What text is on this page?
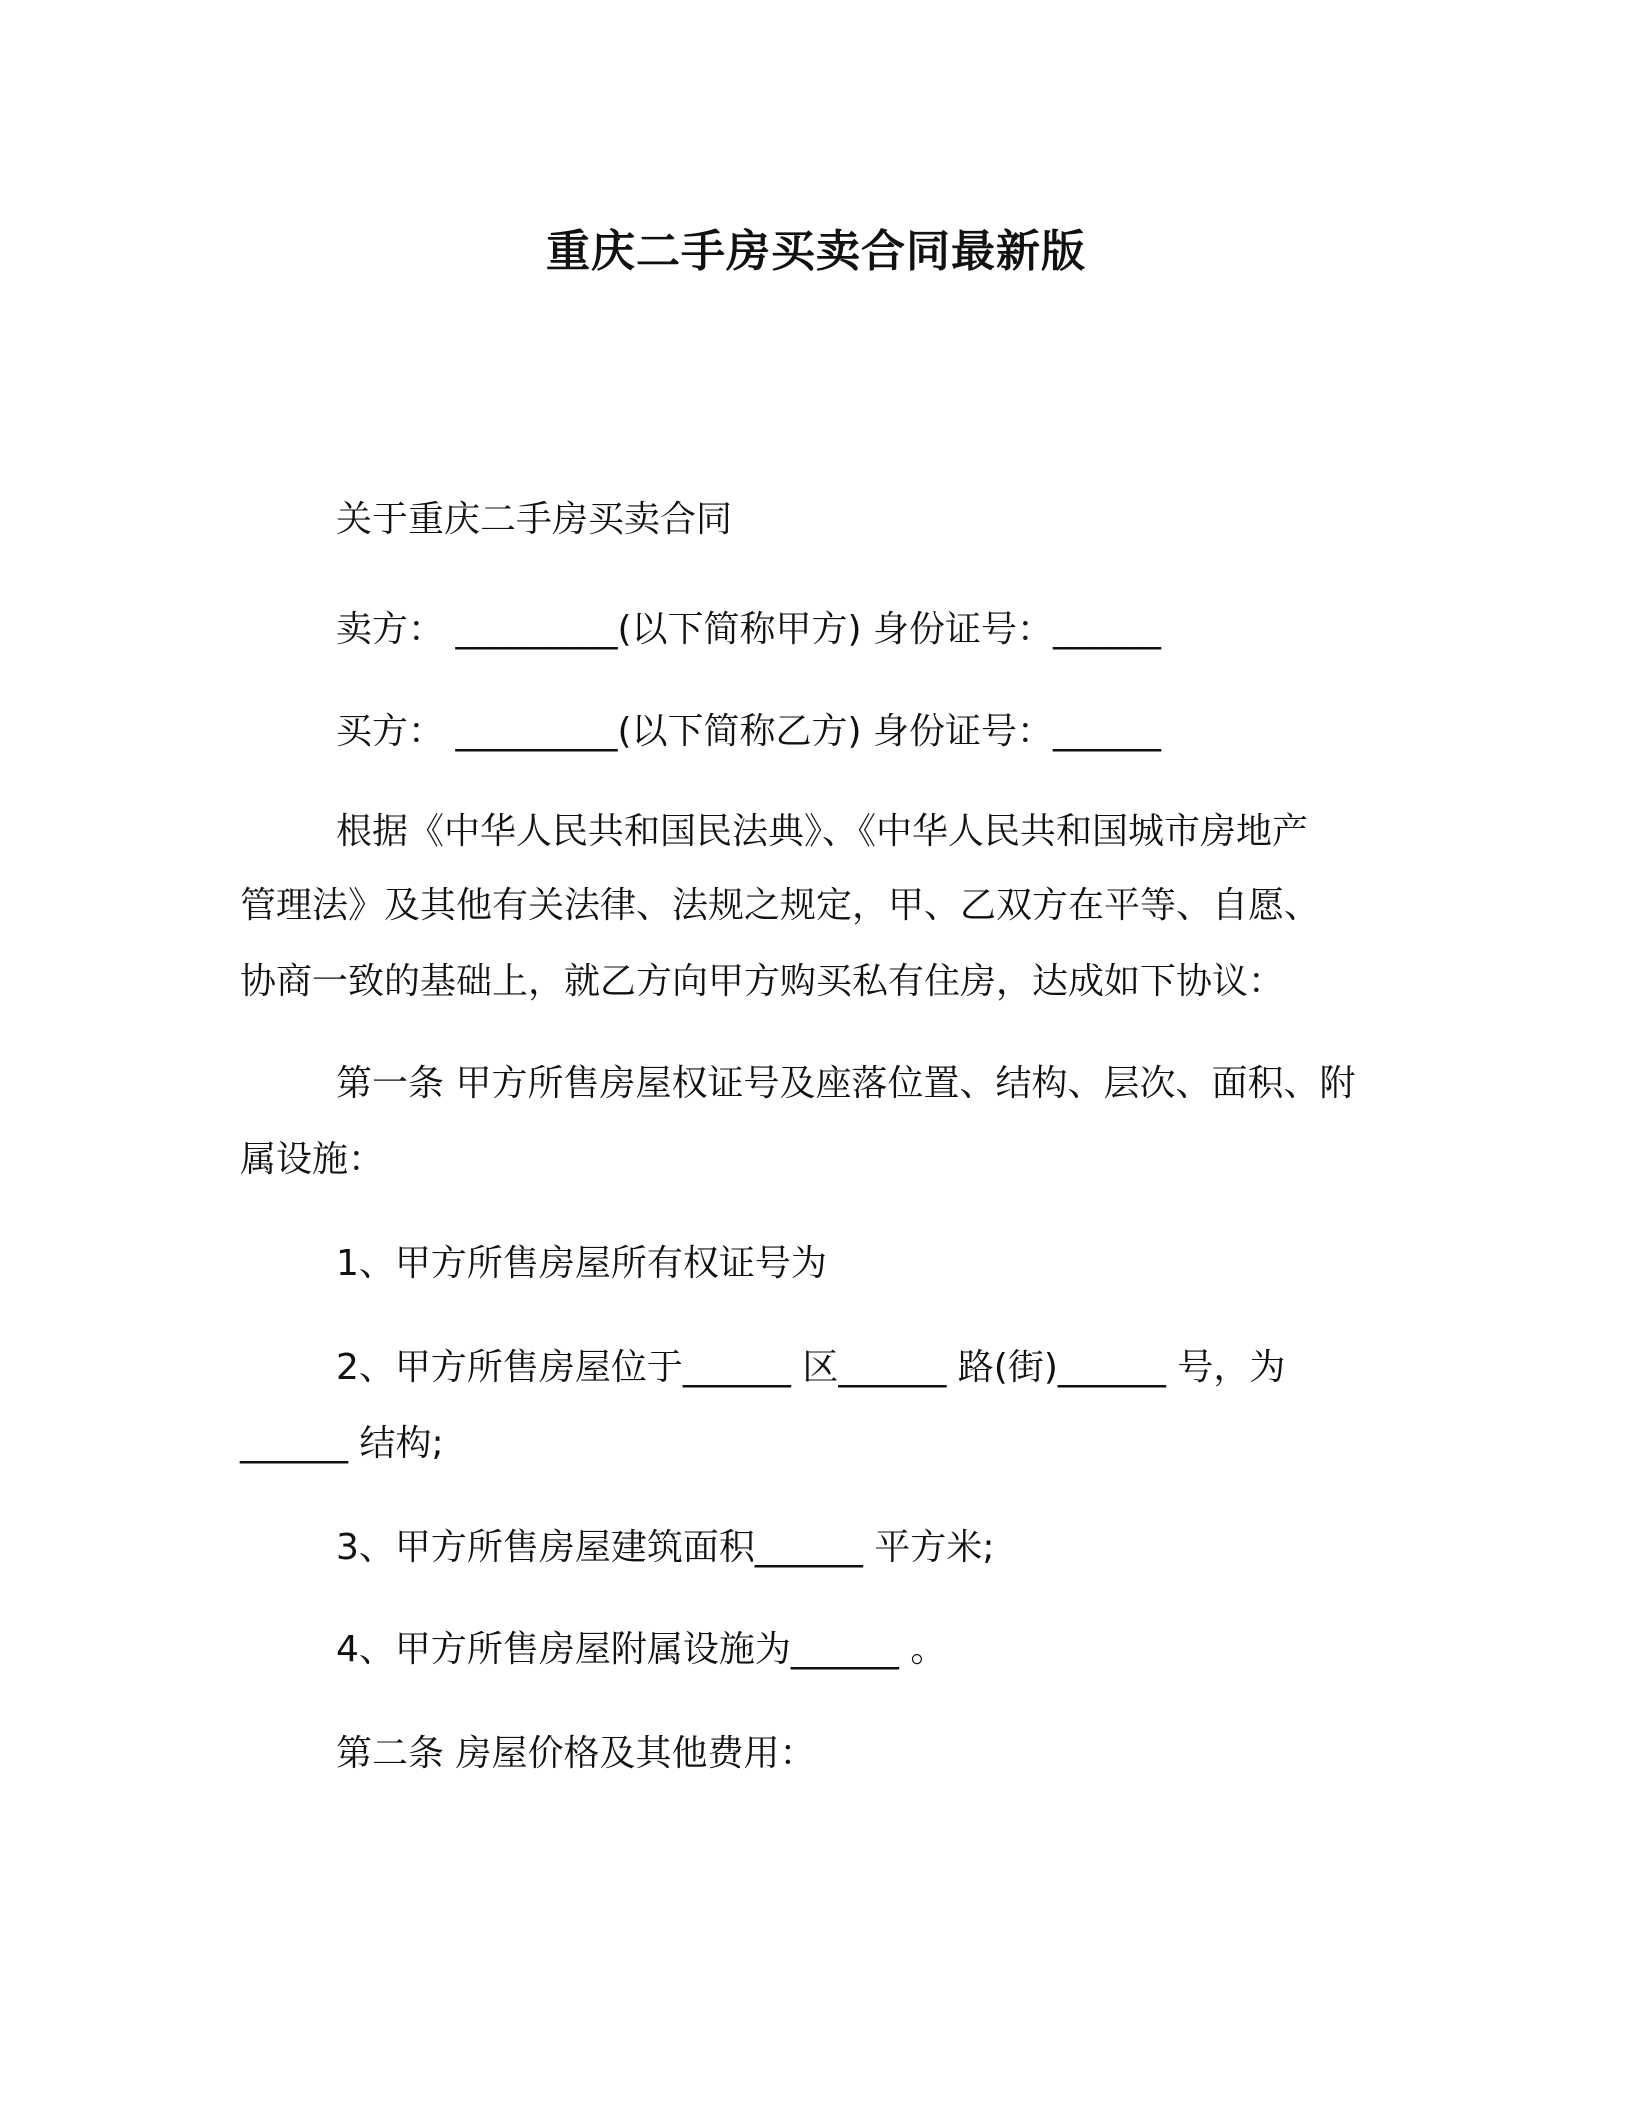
重庆二手房买卖合同最新版
关于重庆二手房买卖合同
卖方： _________(以下简称甲方) 身份证号：______
买方： _________(以下简称乙方) 身份证号：______
根据《中华人民共和国民法典》、《中华人民共和国城市房地产
管理法》及其他有关法律、法规之规定，甲、乙双方在平等、自愿、
协商一致的基础上，就乙方向甲方购买私有住房，达成如下协议：
第一条 甲方所售房屋权证号及座落位置、结构、层次、面积、附
属设施：
1、甲方所售房屋所有权证号为
2、甲方所售房屋位于______ 区______ 路(街)______ 号，为
______ 结构;
3、甲方所售房屋建筑面积______ 平方米;
4、甲方所售房屋附属设施为______ 。
第二条 房屋价格及其他费用：
